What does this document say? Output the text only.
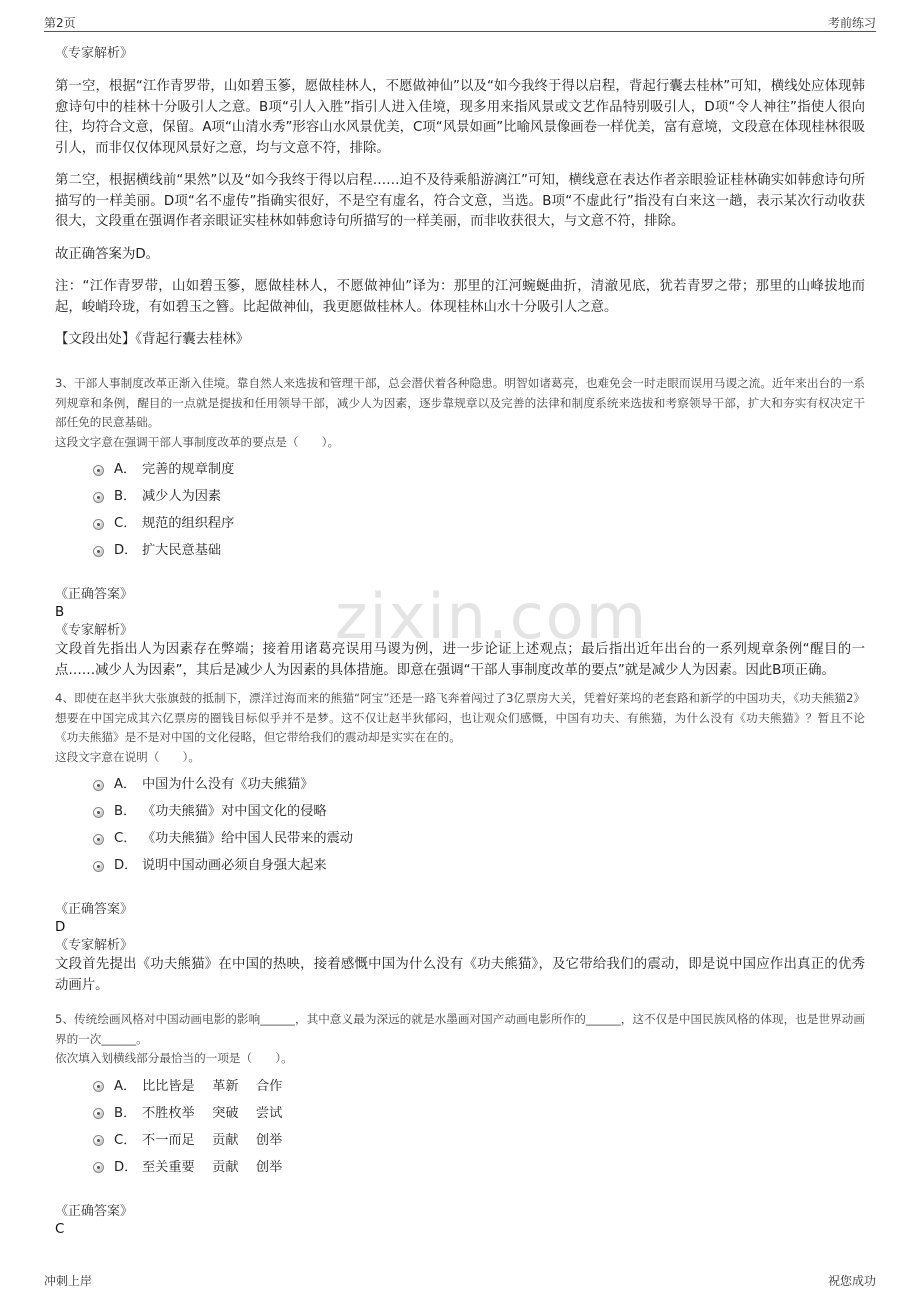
第2页	考前练习
zixin.com
《专家解析》
第一空，根据“江作青罗带，山如碧玉篸，愿做桂林人，不愿做神仙”以及“如今我终于得以启程，背起行囊去桂林”可知，横线处应体现韩愈诗句中的桂林十分吸引人之意。B项“引人入胜”指引人进入佳境，现多用来指风景或文艺作品特别吸引人，D项“令人神往”指使人很向往，均符合文意，保留。A项“山清水秀”形容山水风景优美，C项“风景如画”比喻风景像画卷一样优美，富有意境，文段意在体现桂林很吸引人，而非仅仅体现风景好之意，均与文意不符，排除。
第二空，根据横线前“果然”以及“如今我终于得以启程……迫不及待乘船游漓江”可知，横线意在表达作者亲眼验证桂林确实如韩愈诗句所描写的一样美丽。D项“名不虚传”指确实很好，不是空有虚名，符合文意，当选。B项“不虚此行”指没有白来这一趟，表示某次行动收获很大，文段重在强调作者亲眼证实桂林如韩愈诗句所描写的一样美丽，而非收获很大，与文意不符，排除。
故正确答案为D。
注：“江作青罗带，山如碧玉篸，愿做桂林人，不愿做神仙”译为：那里的江河蜿蜒曲折，清澈见底，犹若青罗之带；那里的山峰拔地而起，峻峭玲珑，有如碧玉之簪。比起做神仙，我更愿做桂林人。体现桂林山水十分吸引人之意。
【文段出处】《背起行囊去桂林》
3、干部人事制度改革正渐入佳境。靠自然人来选拔和管理干部，总会潜伏着各种隐患。明智如诸葛亮，也难免会一时走眼而误用马谡之流。近年来出台的一系列规章和条例，醒目的一点就是提拔和任用领导干部，减少人为因素，逐步靠规章以及完善的法律和制度系统来选拔和考察领导干部，扩大和夯实有权决定干部任免的民意基础。
这段文字意在强调干部人事制度改革的要点是（　　）。
A． 完善的规章制度
B． 减少人为因素
C． 规范的组织程序
D． 扩大民意基础
《正确答案》
B
《专家解析》
文段首先指出人为因素存在弊端；接着用诸葛亮误用马谡为例，进一步论证上述观点；最后指出近年出台的一系列规章条例“醒目的一点……减少人为因素”，其后是减少人为因素的具体措施。即意在强调“干部人事制度改革的要点”就是减少人为因素。因此B项正确。
4、即使在赵半狄大张旗鼓的抵制下，漂洋过海而来的熊猫“阿宝”还是一路飞奔着闯过了3亿票房大关，凭着好莱坞的老套路和新学的中国功夫，《功夫熊猫2》想要在中国完成其六亿票房的圈钱目标似乎并不是梦。这不仅让赵半狄郁闷，也让观众们感慨，中国有功夫、有熊猫，为什么没有《功夫熊猫》？暂且不论《功夫熊猫》是不是对中国的文化侵略，但它带给我们的震动却是实实在在的。
这段文字意在说明（　　）。
A． 中国为什么没有《功夫熊猫》
B． 《功夫熊猫》对中国文化的侵略
C． 《功夫熊猫》给中国人民带来的震动
D． 说明中国动画必须自身强大起来
《正确答案》
D
《专家解析》
文段首先提出《功夫熊猫》在中国的热映，接着感慨中国为什么没有《功夫熊猫》，及它带给我们的震动，即是说中国应作出真正的优秀动画片。
5、传统绘画风格对中国动画电影的影响______，其中意义最为深远的就是水墨画对国产动画电影所作的______，这不仅是中国民族风格的体现，也是世界动画界的一次______。
依次填入划横线部分最恰当的一项是（　　）。
A． 比比皆是　 革新　 合作
B． 不胜枚举　 突破　 尝试
C． 不一而足　 贡献　 创举
D． 至关重要　 贡献　 创举
《正确答案》
C
冲刺上岸	祝您成功
